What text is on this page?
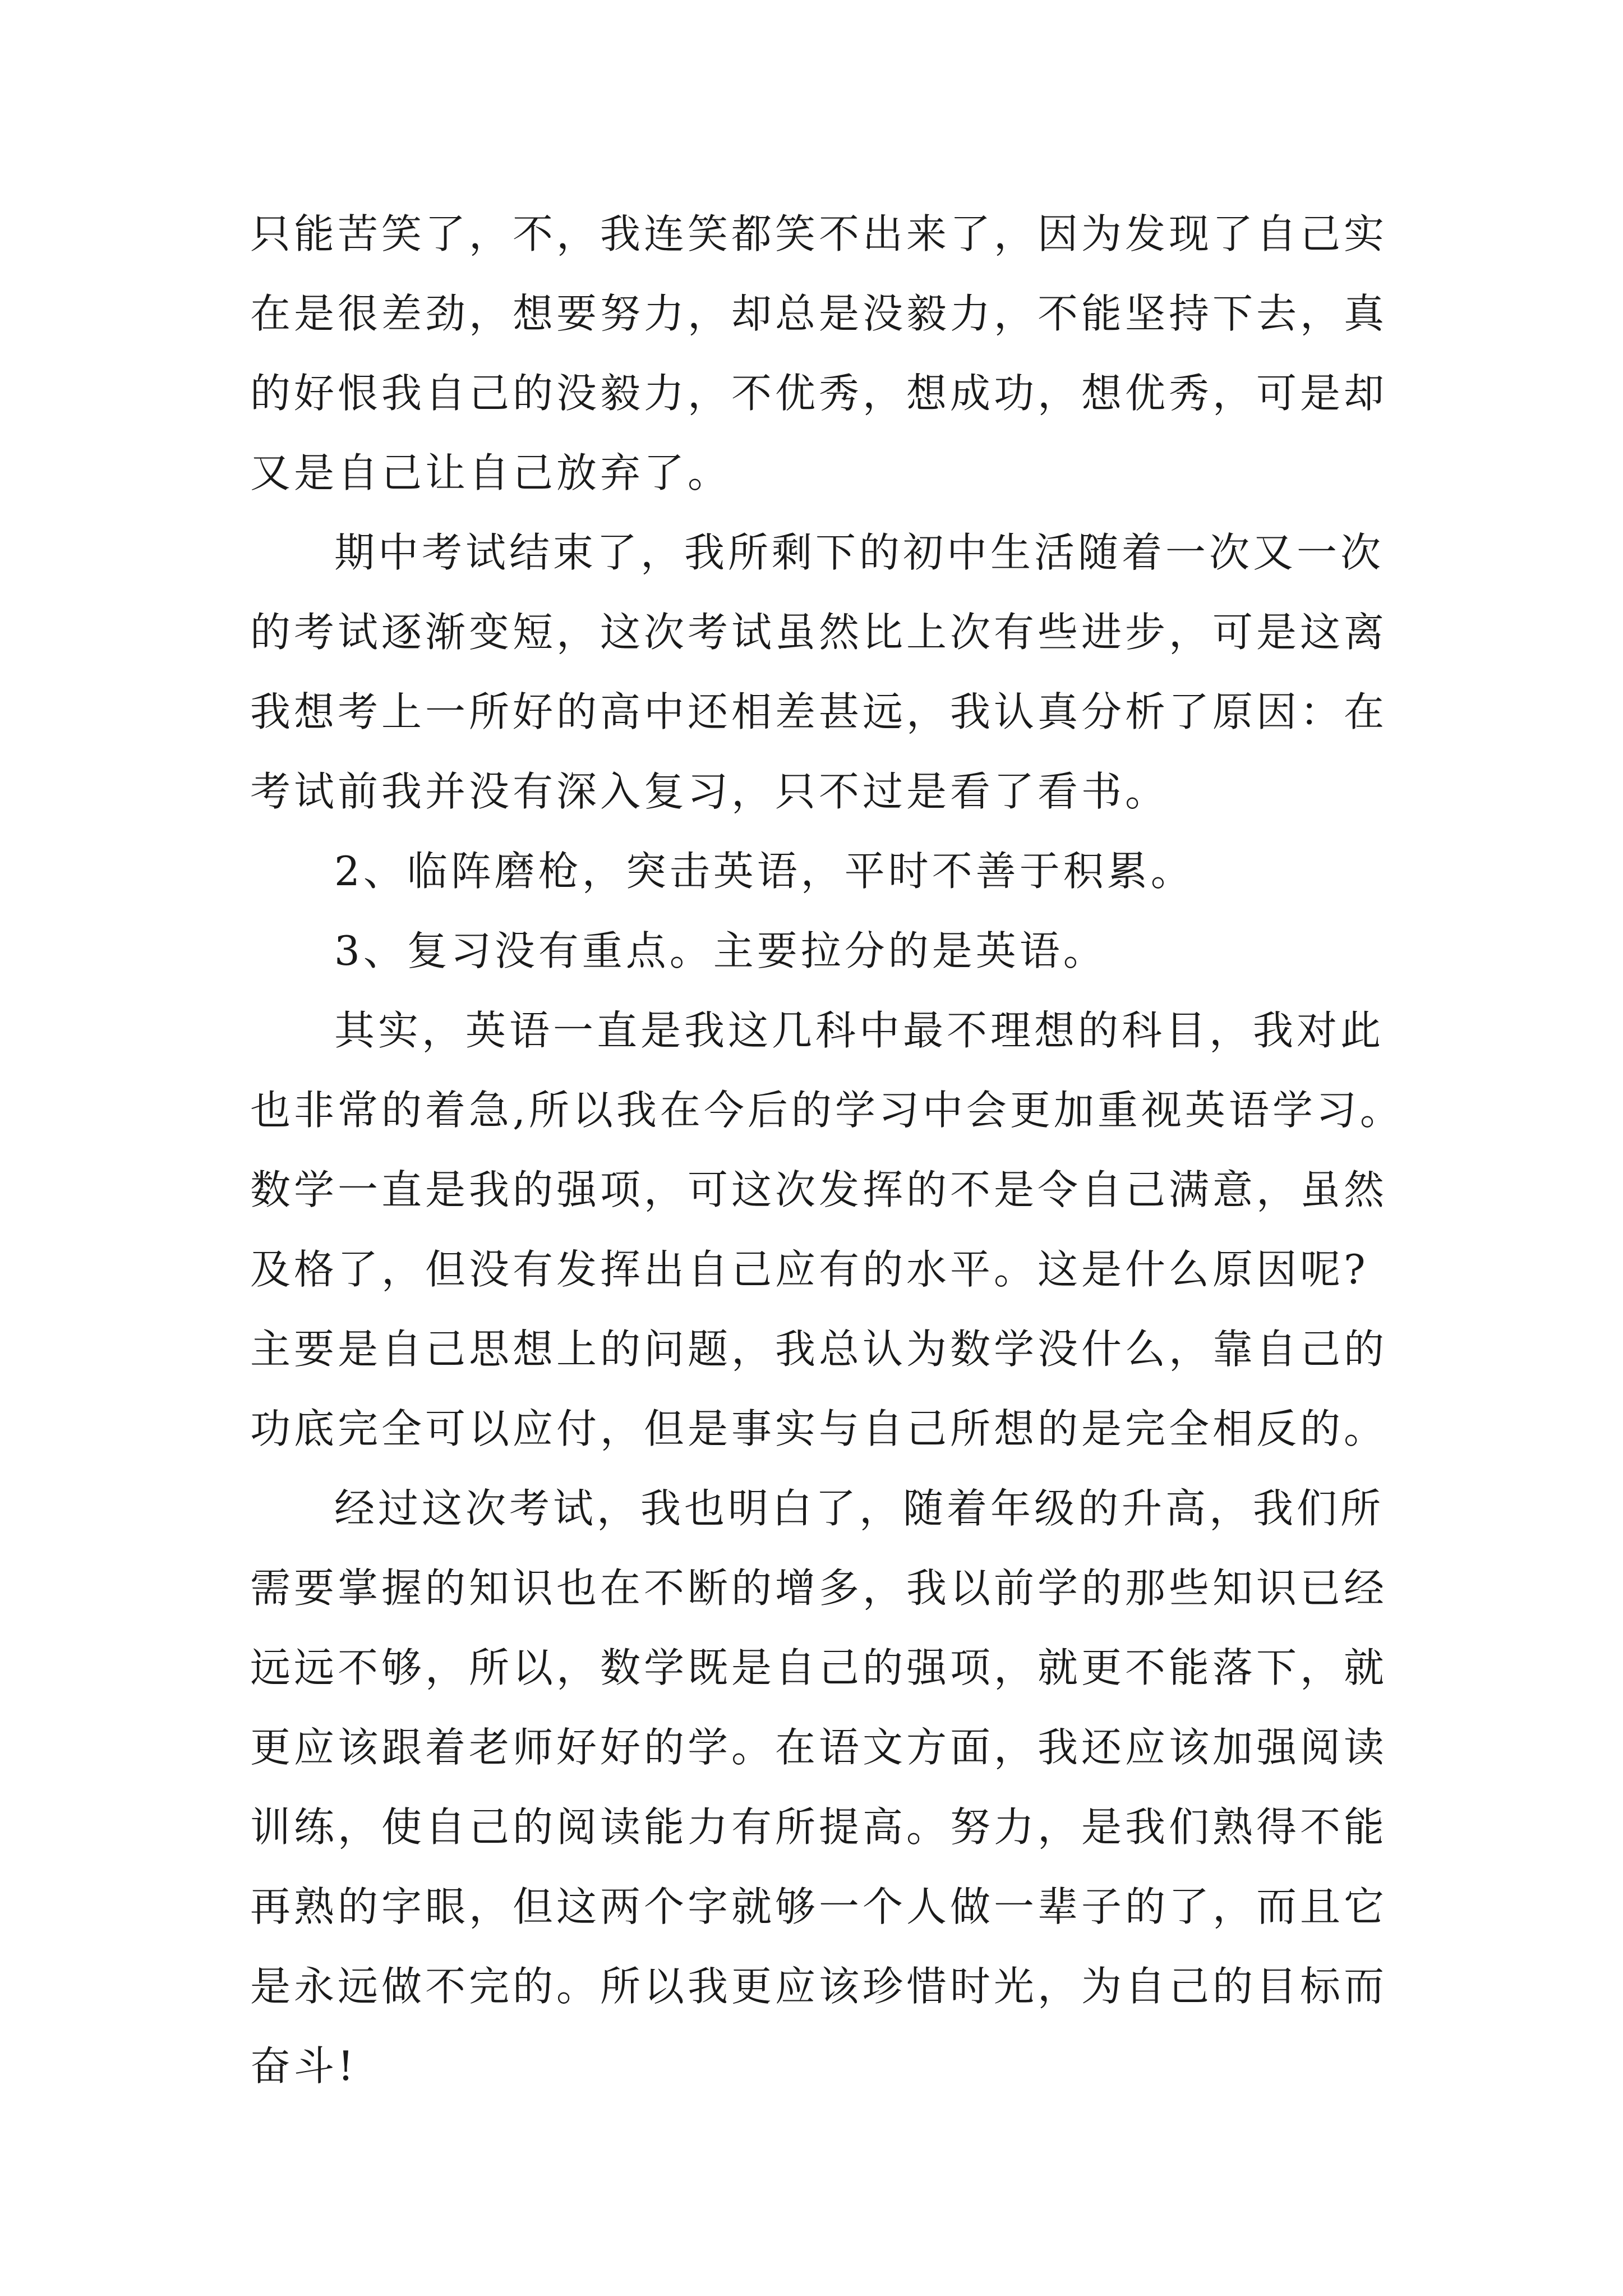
只能苦笑了，不，我连笑都笑不出来了，因为发现了自己实
在是很差劲，想要努力，却总是没毅力，不能坚持下去，真
的好恨我自己的没毅力，不优秀，想成功，想优秀，可是却
又是自己让自己放弃了。
期中考试结束了，我所剩下的初中生活随着一次又一次
的考试逐渐变短，这次考试虽然比上次有些进步，可是这离
我想考上一所好的高中还相差甚远，我认真分析了原因：在
考试前我并没有深入复习，只不过是看了看书。
2、临阵磨枪，突击英语，平时不善于积累。
3、复习没有重点。主要拉分的是英语。
其实，英语一直是我这几科中最不理想的科目，我对此
也非常的着急,所以我在今后的学习中会更加重视英语学习。
数学一直是我的强项，可这次发挥的不是令自己满意，虽然
及格了，但没有发挥出自己应有的水平。这是什么原因呢?
主要是自己思想上的问题，我总认为数学没什么，靠自己的
功底完全可以应付，但是事实与自己所想的是完全相反的。
经过这次考试，我也明白了，随着年级的升高，我们所
需要掌握的知识也在不断的增多，我以前学的那些知识已经
远远不够，所以，数学既是自己的强项，就更不能落下，就
更应该跟着老师好好的学。在语文方面，我还应该加强阅读
训练，使自己的阅读能力有所提高。努力，是我们熟得不能
再熟的字眼，但这两个字就够一个人做一辈子的了，而且它
是永远做不完的。所以我更应该珍惜时光，为自己的目标而
奋斗!
